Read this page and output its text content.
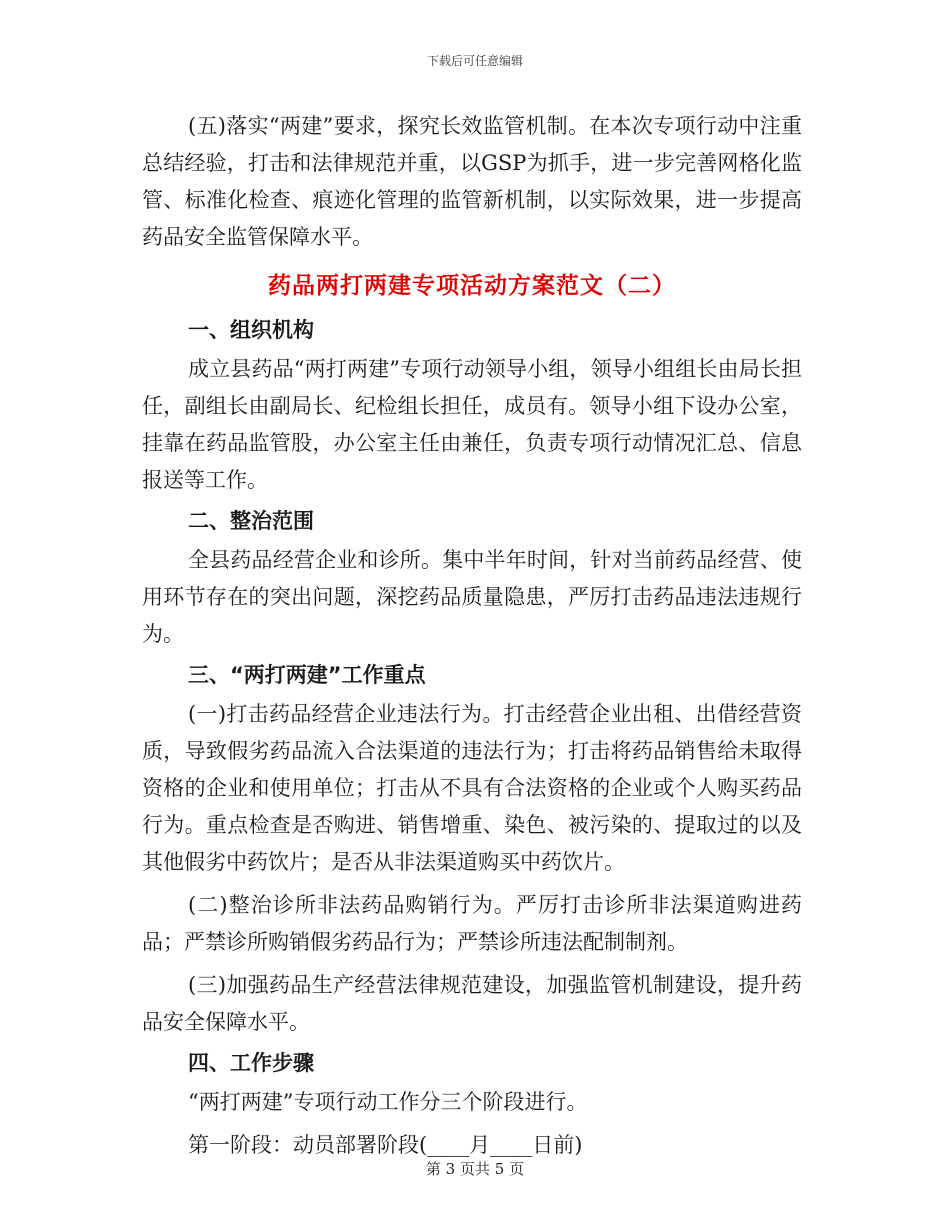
下载后可任意编辑

(五)落实“两建”要求，探究长效监管机制。在本次专项行动中注重总结经验，打击和法律规范并重，以GSP为抓手，进一步完善网格化监管、标准化检查、痕迹化管理的监管新机制，以实际效果，进一步提高药品安全监管保障水平。

药品两打两建专项活动方案范文（二）
一、组织机构

成立县药品“两打两建”专项行动领导小组，领导小组组长由局长担任，副组长由副局长、纪检组长担任，成员有。领导小组下设办公室，挂靠在药品监管股，办公室主任由兼任，负责专项行动情况汇总、信息报送等工作。

二、整治范围

全县药品经营企业和诊所。集中半年时间，针对当前药品经营、使用环节存在的突出问题，深挖药品质量隐患，严厉打击药品违法违规行为。

三、“两打两建”工作重点

(一)打击药品经营企业违法行为。打击经营企业出租、出借经营资质，导致假劣药品流入合法渠道的违法行为；打击将药品销售给未取得资格的企业和使用单位；打击从不具有合法资格的企业或个人购买药品行为。重点检查是否购进、销售增重、染色、被污染的、提取过的以及其他假劣中药饮片；是否从非法渠道购买中药饮片。

(二)整治诊所非法药品购销行为。严厉打击诊所非法渠道购进药品；严禁诊所购销假劣药品行为；严禁诊所违法配制制剂。

(三)加强药品生产经营法律规范建设，加强监管机制建设，提升药品安全保障水平。

四、工作步骤

“两打两建”专项行动工作分三个阶段进行。

第一阶段：动员部署阶段(____月____日前)

第 3 页共 5 页
